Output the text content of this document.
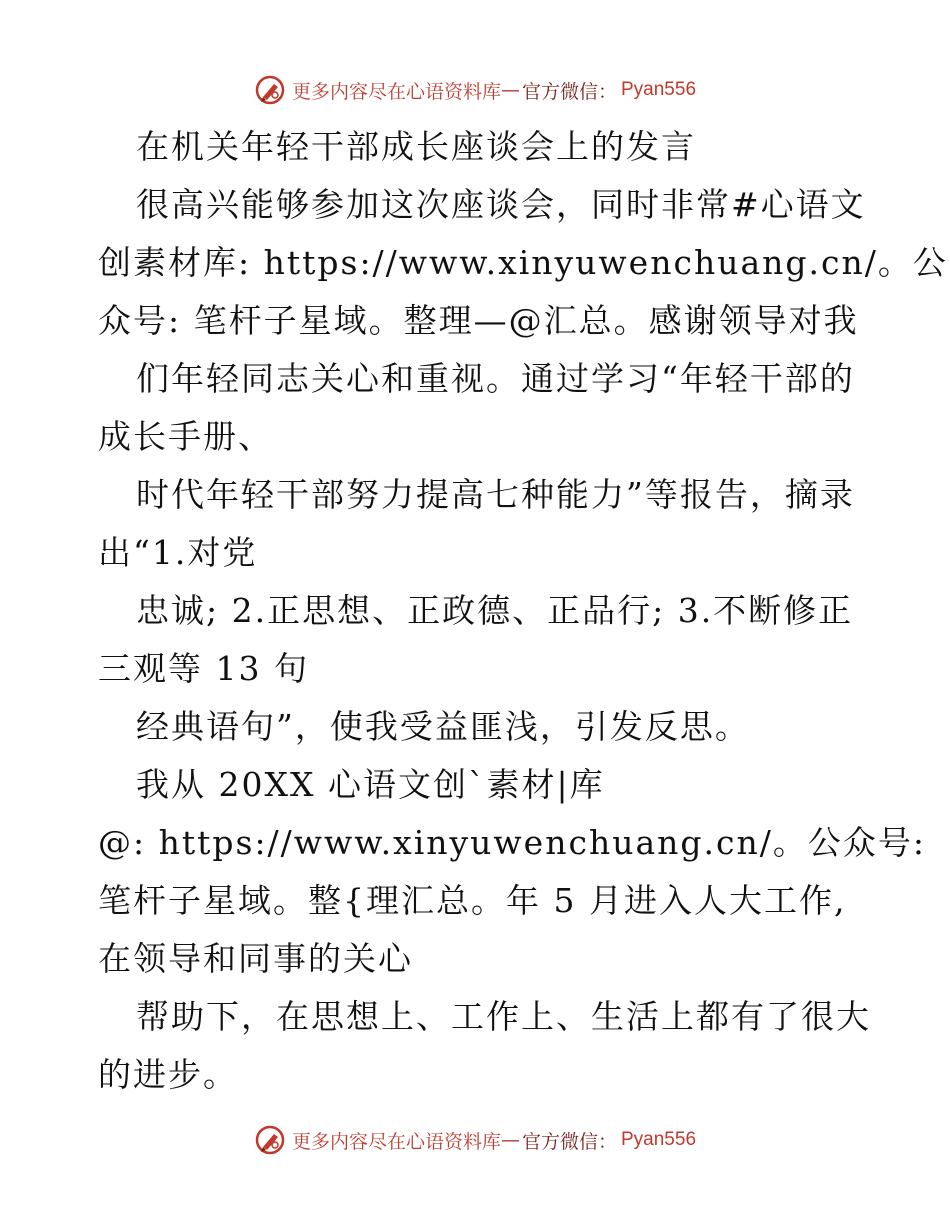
更多内容尽在心语资料库 — 官方微信： Pyan556
在机关年轻干部成长座谈会上的发言
很高兴能够参加这次座谈会，同时非常#心语文
创素材库: https://www.xinyuwenchuang.cn/。公
众号: 笔杆子星域。整理—@汇总。感谢领导对我
们年轻同志关心和重视。通过学习“年轻干部的
成长手册、
时代年轻干部努力提高七种能力”等报告，摘录
出“1.对党
忠诚; 2.正思想、正政德、正品行; 3.不断修正
三观等 13 句
经典语句”，使我受益匪浅，引发反思。
我从 20XX 心语文创`素材|库
@: https://www.xinyuwenchuang.cn/。公众号:
笔杆子星域。整{理汇总。年 5 月进入人大工作,
在领导和同事的关心
帮助下，在思想上、工作上、生活上都有了很大
的进步。
更多内容尽在心语资料库 — 官方微信： Pyan556
